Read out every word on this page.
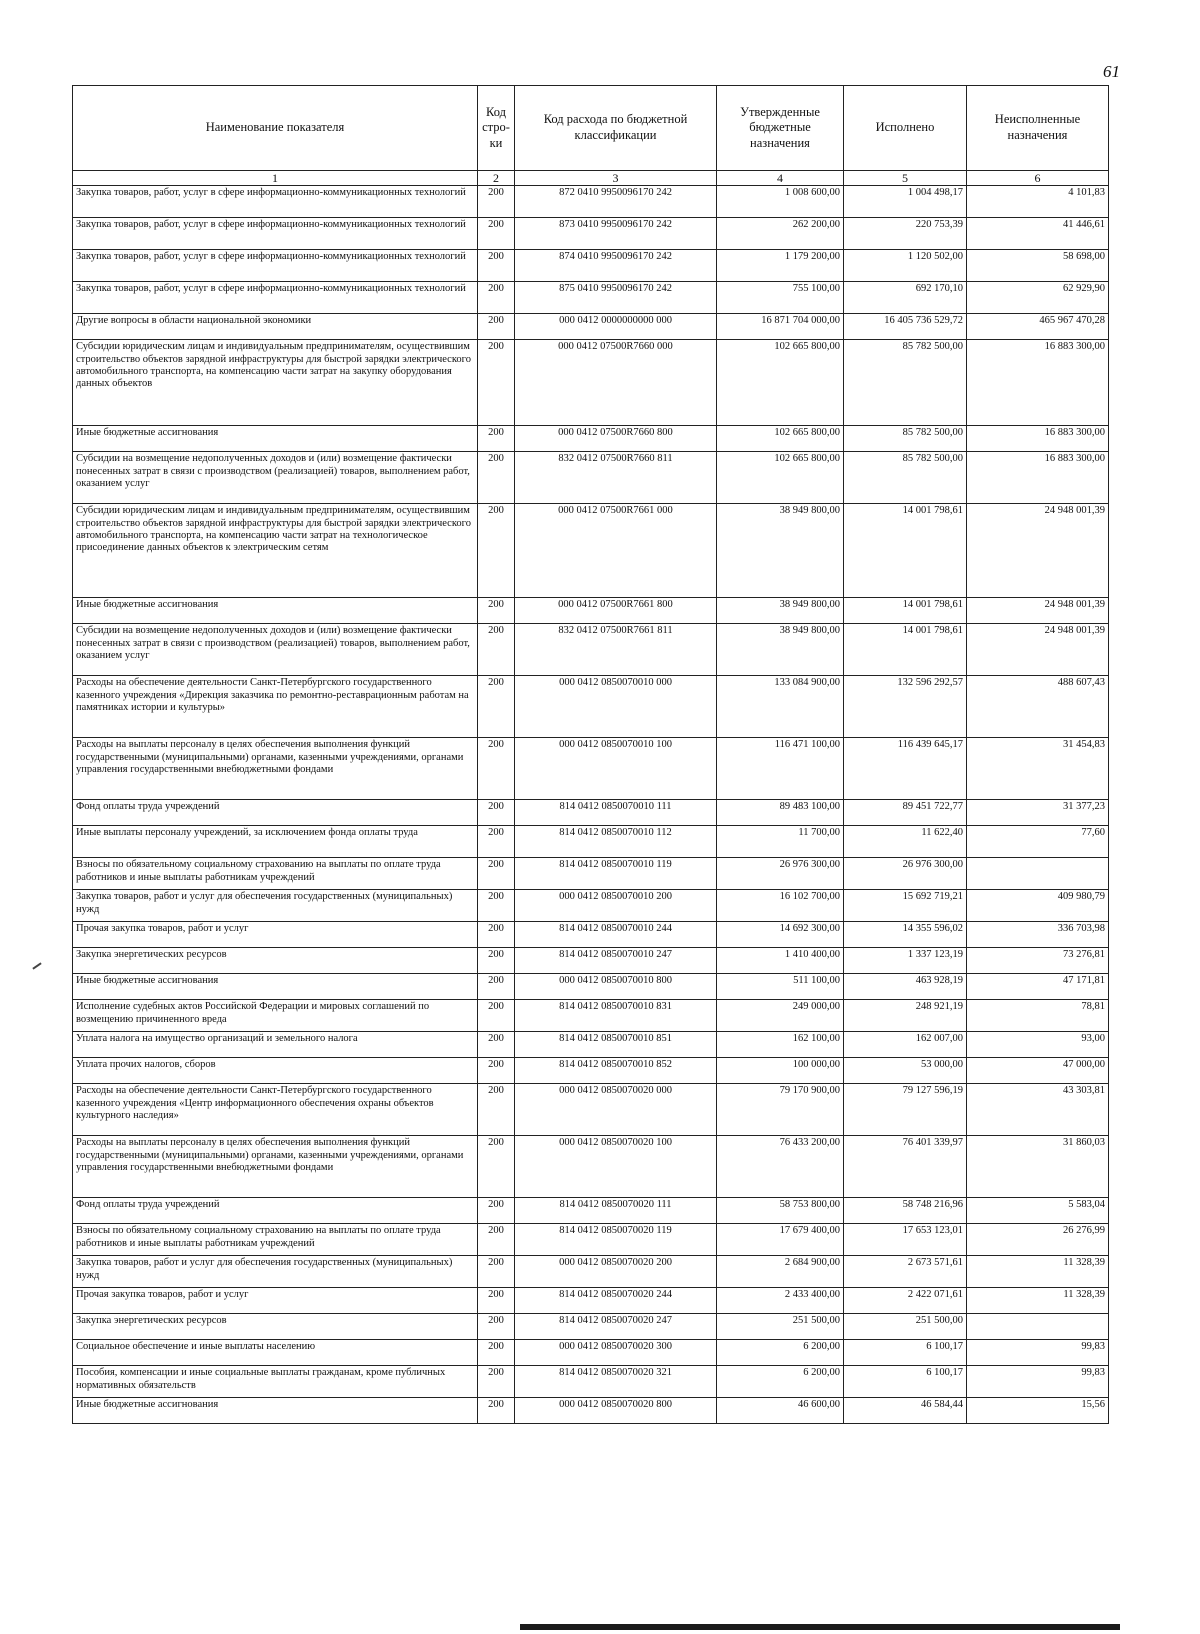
61
Наименование показателя	Код стро- ки	Код расхода по бюджетной классификации	Утвержденные бюджетные назначения	Исполнено	Неисполненные назначения
1	2	3	4	5	6
Закупка товаров, работ, услуг в сфере информационно-коммуникационных технологий	200	872 0410 9950096170 242	1 008 600,00	1 004 498,17	4 101,83
Закупка товаров, работ, услуг в сфере информационно-коммуникационных технологий	200	873 0410 9950096170 242	262 200,00	220 753,39	41 446,61
Закупка товаров, работ, услуг в сфере информационно-коммуникационных технологий	200	874 0410 9950096170 242	1 179 200,00	1 120 502,00	58 698,00
Закупка товаров, работ, услуг в сфере информационно-коммуникационных технологий	200	875 0410 9950096170 242	755 100,00	692 170,10	62 929,90
Другие вопросы в области национальной экономики	200	000 0412 0000000000 000	16 871 704 000,00	16 405 736 529,72	465 967 470,28
Субсидии юридическим лицам и индивидуальным предпринимателям, осуществившим строительство объектов зарядной инфраструктуры для быстрой зарядки электрического автомобильного транспорта, на компенсацию части затрат на закупку оборудования данных объектов	200	000 0412 07500R7660 000	102 665 800,00	85 782 500,00	16 883 300,00
Иные бюджетные ассигнования	200	000 0412 07500R7660 800	102 665 800,00	85 782 500,00	16 883 300,00
Субсидии на возмещение недополученных доходов и (или) возмещение фактически понесенных затрат в связи с производством (реализацией) товаров, выполнением работ, оказанием услуг	200	832 0412 07500R7660 811	102 665 800,00	85 782 500,00	16 883 300,00
Субсидии юридическим лицам и индивидуальным предпринимателям, осуществившим строительство объектов зарядной инфраструктуры для быстрой зарядки электрического автомобильного транспорта, на компенсацию части затрат на технологическое присоединение данных объектов к электрическим сетям	200	000 0412 07500R7661 000	38 949 800,00	14 001 798,61	24 948 001,39
Иные бюджетные ассигнования	200	000 0412 07500R7661 800	38 949 800,00	14 001 798,61	24 948 001,39
Субсидии на возмещение недополученных доходов и (или) возмещение фактически понесенных затрат в связи с производством (реализацией) товаров, выполнением работ, оказанием услуг	200	832 0412 07500R7661 811	38 949 800,00	14 001 798,61	24 948 001,39
Расходы на обеспечение деятельности Санкт-Петербургского государственного казенного учреждения «Дирекция заказчика по ремонтно-реставрационным работам на памятниках истории и культуры»	200	000 0412 0850070010 000	133 084 900,00	132 596 292,57	488 607,43
Расходы на выплаты персоналу в целях обеспечения выполнения функций государственными (муниципальными) органами, казенными учреждениями, органами управления государственными внебюджетными фондами	200	000 0412 0850070010 100	116 471 100,00	116 439 645,17	31 454,83
Фонд оплаты труда учреждений	200	814 0412 0850070010 111	89 483 100,00	89 451 722,77	31 377,23
Иные выплаты персоналу учреждений, за исключением фонда оплаты труда	200	814 0412 0850070010 112	11 700,00	11 622,40	77,60
Взносы по обязательному социальному страхованию на выплаты по оплате труда работников и иные выплаты работникам учреждений	200	814 0412 0850070010 119	26 976 300,00	26 976 300,00	
Закупка товаров, работ и услуг для обеспечения государственных (муниципальных) нужд	200	000 0412 0850070010 200	16 102 700,00	15 692 719,21	409 980,79
Прочая закупка товаров, работ и услуг	200	814 0412 0850070010 244	14 692 300,00	14 355 596,02	336 703,98
Закупка энергетических ресурсов	200	814 0412 0850070010 247	1 410 400,00	1 337 123,19	73 276,81
Иные бюджетные ассигнования	200	000 0412 0850070010 800	511 100,00	463 928,19	47 171,81
Исполнение судебных актов Российской Федерации и мировых соглашений по возмещению причиненного вреда	200	814 0412 0850070010 831	249 000,00	248 921,19	78,81
Уплата налога на имущество организаций и земельного налога	200	814 0412 0850070010 851	162 100,00	162 007,00	93,00
Уплата прочих налогов, сборов	200	814 0412 0850070010 852	100 000,00	53 000,00	47 000,00
Расходы на обеспечение деятельности Санкт-Петербургского государственного казенного учреждения «Центр информационного обеспечения охраны объектов культурного наследия»	200	000 0412 0850070020 000	79 170 900,00	79 127 596,19	43 303,81
Расходы на выплаты персоналу в целях обеспечения выполнения функций государственными (муниципальными) органами, казенными учреждениями, органами управления государственными внебюджетными фондами	200	000 0412 0850070020 100	76 433 200,00	76 401 339,97	31 860,03
Фонд оплаты труда учреждений	200	814 0412 0850070020 111	58 753 800,00	58 748 216,96	5 583,04
Взносы по обязательному социальному страхованию на выплаты по оплате труда работников и иные выплаты работникам учреждений	200	814 0412 0850070020 119	17 679 400,00	17 653 123,01	26 276,99
Закупка товаров, работ и услуг для обеспечения государственных (муниципальных) нужд	200	000 0412 0850070020 200	2 684 900,00	2 673 571,61	11 328,39
Прочая закупка товаров, работ и услуг	200	814 0412 0850070020 244	2 433 400,00	2 422 071,61	11 328,39
Закупка энергетических ресурсов	200	814 0412 0850070020 247	251 500,00	251 500,00	
Социальное обеспечение и иные выплаты населению	200	000 0412 0850070020 300	6 200,00	6 100,17	99,83
Пособия, компенсации и иные социальные выплаты гражданам, кроме публичных нормативных обязательств	200	814 0412 0850070020 321	6 200,00	6 100,17	99,83
Иные бюджетные ассигнования	200	000 0412 0850070020 800	46 600,00	46 584,44	15,56
